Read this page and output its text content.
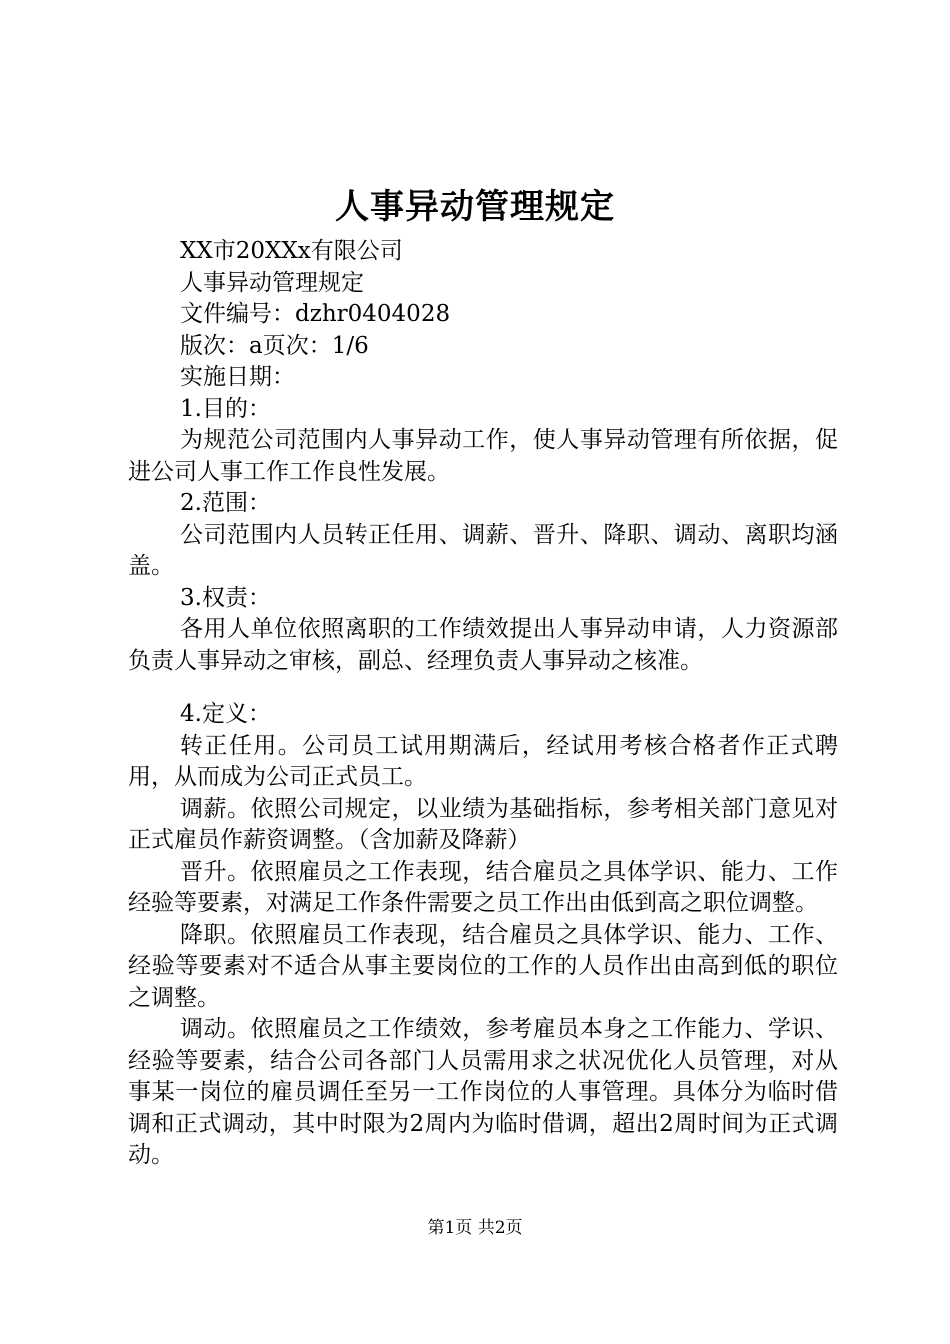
人事异动管理规定
XX市20XXx有限公司
人事异动管理规定
文件编号：dzhr0404028
版次：a页次：1/6
实施日期：
1.目的：

为规范公司范围内人事异动工作，使人事异动管理有所依据，促进公司人事工作工作良性发展。

2.范围：

公司范围内人员转正任用、调薪、晋升、降职、调动、离职均涵盖。

3.权责：

各用人单位依照离职的工作绩效提出人事异动申请，人力资源部负责人事异动之审核，副总、经理负责人事异动之核准。

4.定义：

转正任用。公司员工试用期满后，经试用考核合格者作正式聘用，从而成为公司正式员工。

调薪。依照公司规定，以业绩为基础指标，参考相关部门意见对正式雇员作薪资调整。（含加薪及降薪）

晋升。依照雇员之工作表现，结合雇员之具体学识、能力、工作经验等要素，对满足工作条件需要之员工作出由低到高之职位调整。

降职。依照雇员工作表现，结合雇员之具体学识、能力、工作、经验等要素对不适合从事主要岗位的工作的人员作出由高到低的职位之调整。

调动。依照雇员之工作绩效，参考雇员本身之工作能力、学识、经验等要素，结合公司各部门人员需用求之状况优化人员管理，对从事某一岗位的雇员调任至另一工作岗位的人事管理。具体分为临时借调和正式调动，其中时限为2周内为临时借调，超出2周时间为正式调动。

第1页 共2页
